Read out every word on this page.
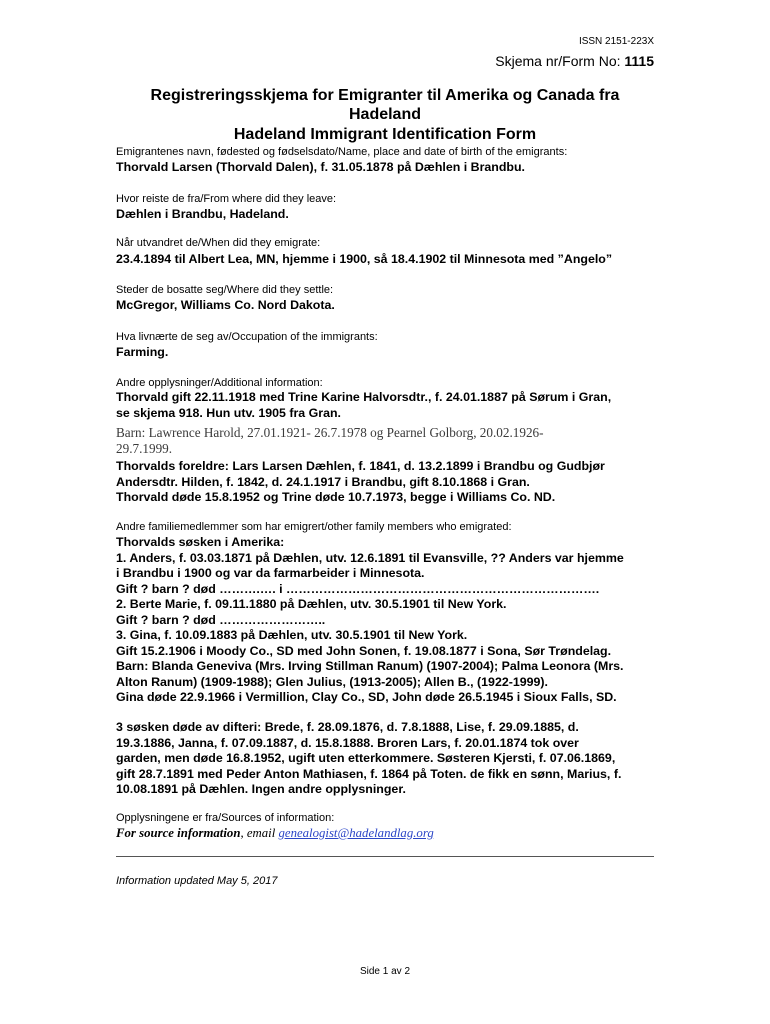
ISSN 2151-223X
Skjema nr/Form No: 1115
Registreringsskjema for Emigranter til Amerika og Canada fra
Hadeland
Hadeland Immigrant Identification Form
Emigrantenes navn, fødested og fødselsdato/Name, place and date of birth of the emigrants:
Thorvald Larsen (Thorvald Dalen), f. 31.05.1878 på Dæhlen i Brandbu.
Hvor reiste de fra/From where did they leave:
Dæhlen i Brandbu, Hadeland.
Når utvandret de/When did they emigrate:
23.4.1894 til Albert Lea, MN, hjemme i 1900, så 18.4.1902 til Minnesota med ”Angelo”
Steder de bosatte seg/Where did they settle:
McGregor, Williams Co. Nord Dakota.
Hva livnærte de seg av/Occupation of the immigrants:
Farming.
Andre opplysninger/Additional information:
Thorvald gift 22.11.1918 med Trine Karine Halvorsdtr., f. 24.01.1887 på Sørum i Gran,
se skjema 918. Hun utv. 1905 fra Gran.
Barn: Lawrence Harold, 27.01.1921- 26.7.1978 og Pearnel Golborg, 20.02.1926-
29.7.1999.
Thorvalds foreldre: Lars Larsen Dæhlen, f. 1841, d. 13.2.1899 i Brandbu og Gudbjør
Andersdtr. Hilden, f. 1842, d. 24.1.1917 i Brandbu, gift 8.10.1868 i Gran.
Thorvald døde 15.8.1952 og Trine døde 10.7.1973, begge i Williams Co. ND.
Andre familiemedlemmer som har emigrert/other family members who emigrated:
Thorvalds søsken i Amerika:
1. Anders, f. 03.03.1871 på Dæhlen, utv. 12.6.1891 til Evansville, ?? Anders var hjemme
i Brandbu i 1900 og var da farmarbeider i Minnesota.
Gift ? barn ? død ……….…. i ………………………………………………………………….
2. Berte Marie, f. 09.11.1880 på Dæhlen, utv. 30.5.1901 til New York.
Gift ? barn ? død ……………………..
3. Gina, f. 10.09.1883 på Dæhlen, utv. 30.5.1901 til New York.
Gift 15.2.1906 i Moody Co., SD med John Sonen, f. 19.08.1877 i Sona, Sør Trøndelag.
Barn: Blanda Geneviva (Mrs. Irving Stillman Ranum) (1907-2004); Palma Leonora (Mrs.
Alton Ranum) (1909-1988); Glen Julius, (1913-2005); Allen B., (1922-1999).
Gina døde 22.9.1966 i Vermillion, Clay Co., SD, John døde 26.5.1945 i Sioux Falls, SD.
3 søsken døde av difteri: Brede, f. 28.09.1876, d. 7.8.1888, Lise, f. 29.09.1885, d.
19.3.1886, Janna, f. 07.09.1887, d. 15.8.1888. Broren Lars, f. 20.01.1874 tok over
garden, men døde 16.8.1952, ugift uten etterkommere. Søsteren Kjersti, f. 07.06.1869,
gift 28.7.1891 med Peder Anton Mathiasen, f. 1864 på Toten. de fikk en sønn, Marius, f.
10.08.1891 på Dæhlen. Ingen andre opplysninger.
Opplysningene er fra/Sources of information:
For source information, email genealogist@hadelandlag.org
Information updated May 5, 2017
Side 1 av 2
